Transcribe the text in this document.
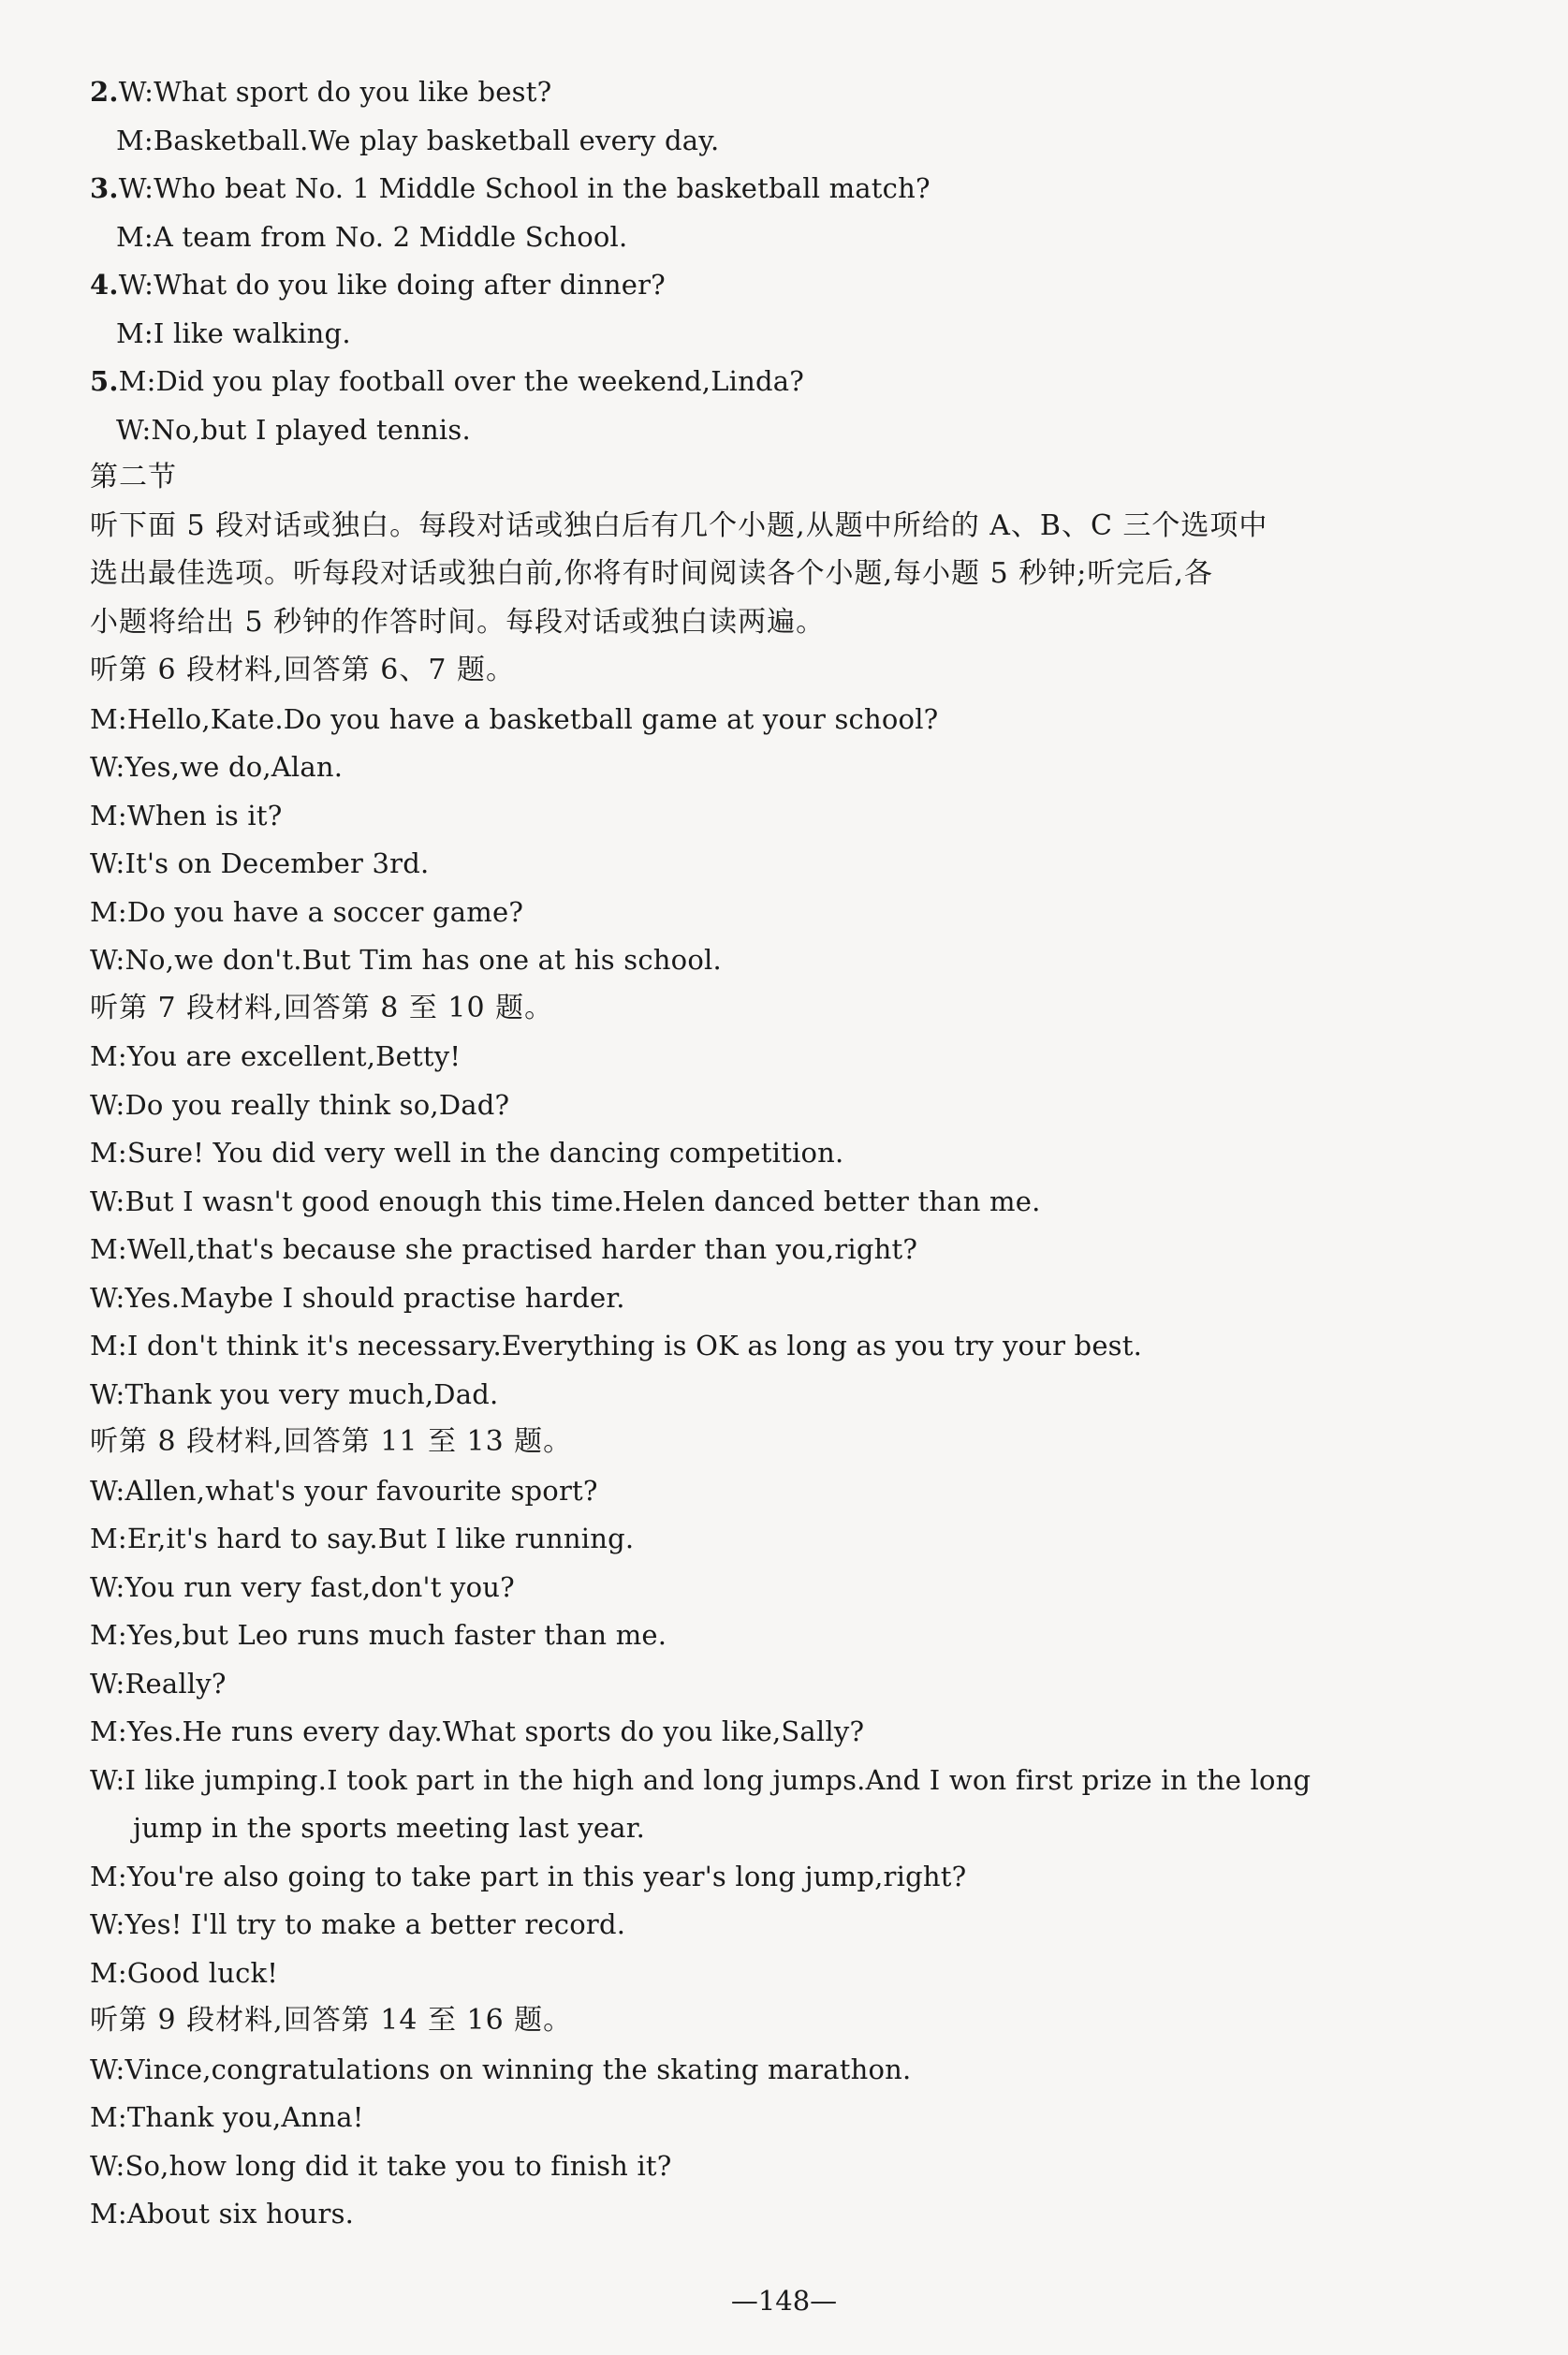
2.W:What sport do you like best?
M:Basketball.We play basketball every day.
3.W:Who beat No. 1 Middle School in the basketball match?
M:A team from No. 2 Middle School.
4.W:What do you like doing after dinner?
M:I like walking.
5.M:Did you play football over the weekend,Linda?
W:No,but I played tennis.
第二节
听下面 5 段对话或独白。每段对话或独白后有几个小题,从题中所给的 A、B、C 三个选项中
选出最佳选项。听每段对话或独白前,你将有时间阅读各个小题,每小题 5 秒钟;听完后,各
小题将给出 5 秒钟的作答时间。每段对话或独白读两遍。
听第 6 段材料,回答第 6、7 题。
M:Hello,Kate.Do you have a basketball game at your school?
W:Yes,we do,Alan.
M:When is it?
W:It's on December 3rd.
M:Do you have a soccer game?
W:No,we don't.But Tim has one at his school.
听第 7 段材料,回答第 8 至 10 题。
M:You are excellent,Betty!
W:Do you really think so,Dad?
M:Sure! You did very well in the dancing competition.
W:But I wasn't good enough this time.Helen danced better than me.
M:Well,that's because she practised harder than you,right?
W:Yes.Maybe I should practise harder.
M:I don't think it's necessary.Everything is OK as long as you try your best.
W:Thank you very much,Dad.
听第 8 段材料,回答第 11 至 13 题。
W:Allen,what's your favourite sport?
M:Er,it's hard to say.But I like running.
W:You run very fast,don't you?
M:Yes,but Leo runs much faster than me.
W:Really?
M:Yes.He runs every day.What sports do you like,Sally?
W:I like jumping.I took part in the high and long jumps.And I won first prize in the long
jump in the sports meeting last year.
M:You're also going to take part in this year's long jump,right?
W:Yes! I'll try to make a better record.
M:Good luck!
听第 9 段材料,回答第 14 至 16 题。
W:Vince,congratulations on winning the skating marathon.
M:Thank you,Anna!
W:So,how long did it take you to finish it?
M:About six hours.
—148—
